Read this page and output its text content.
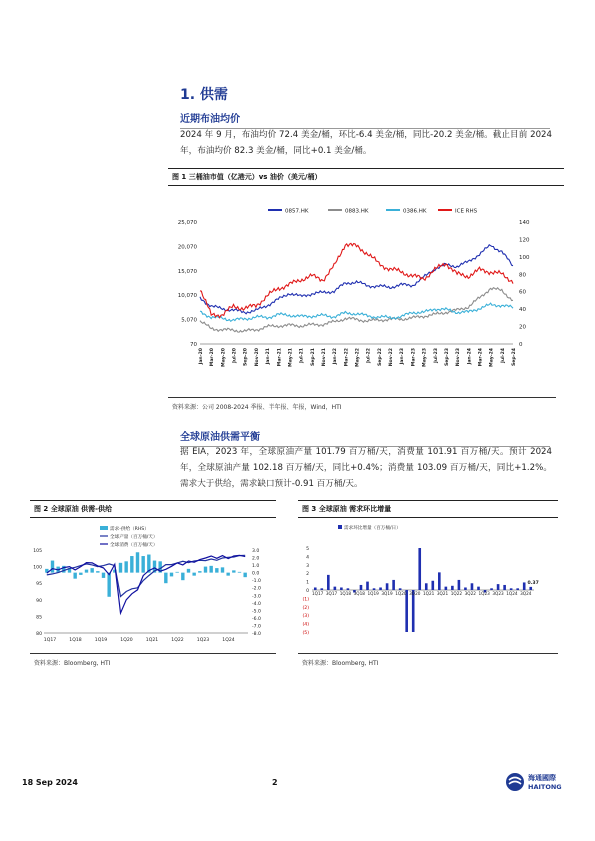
1. 供需
近期布油均价
2024 年 9 月，布油均价 72.4 美金/桶，环比-6.4 美金/桶，同比-20.2 美金/桶。截止目前 2024 年，布油均价 82.3 美金/桶，同比+0.1 美金/桶。
图 1 三桶油市值（亿港元）vs 油价（美元/桶）
0857.HK	0883.HK	0386.HK	ICE RHS
25,070
20,070
15,070
10,070
5,070
70
140
120
100
80
60
40
20
0
Jan-20 Mar-20 May-20 Jul-20 Sep-20 Nov-20 Jan-21 Mar-21 May-21 Jul-21 Sep-21 Nov-21 Jan-22 Mar-22 May-22 Jul-22 Sep-22 Nov-22 Jan-23 Mar-23 May-23 Jul-23 Sep-23 Nov-23 Jan-24 Mar-24 May-24 Jul-24 Sep-24
资料来源：公司 2008-2024 季报、半年报、年报，Wind，HTI
全球原油供需平衡
据 EIA，2023 年，全球原油产量 101.79 百万桶/天，消费量 101.91 百万桶/天。预计 2024 年，全球原油产量 102.18 百万桶/天，同比+0.4%；消费量 103.09 百万桶/天，同比+1.2%。需求大于供给，需求缺口预计-0.91 百万桶/天。
图 2 全球原油 供需-供给
需求-供给（RHS）
全球产量（百万桶/天）
全球消费（百万桶/天）
105
100
95
90
85
80
3.0
2.0
1.0
0.0
-1.0
-2.0
-3.0
-4.0
-5.0
-6.0
-7.0
-8.0
1Q17	1Q18	1Q19	1Q20	1Q21	1Q22	1Q23	1Q24
资料来源：Bloomberg, HTI
图 3 全球原油 需求环比增量
需求环比增量（百万桶/日）
5
4
3
2
1
0
(1)
(2)
(3)
(4)
(5)
0.37
1Q17 3Q17 1Q18 3Q18 1Q19 3Q19 1Q20 3Q20 1Q21 3Q21 1Q22 3Q22 1Q23 3Q23 1Q24 3Q24
资料来源：Bloomberg, HTI
18 Sep 2024	2	海通國際
HAITONG
